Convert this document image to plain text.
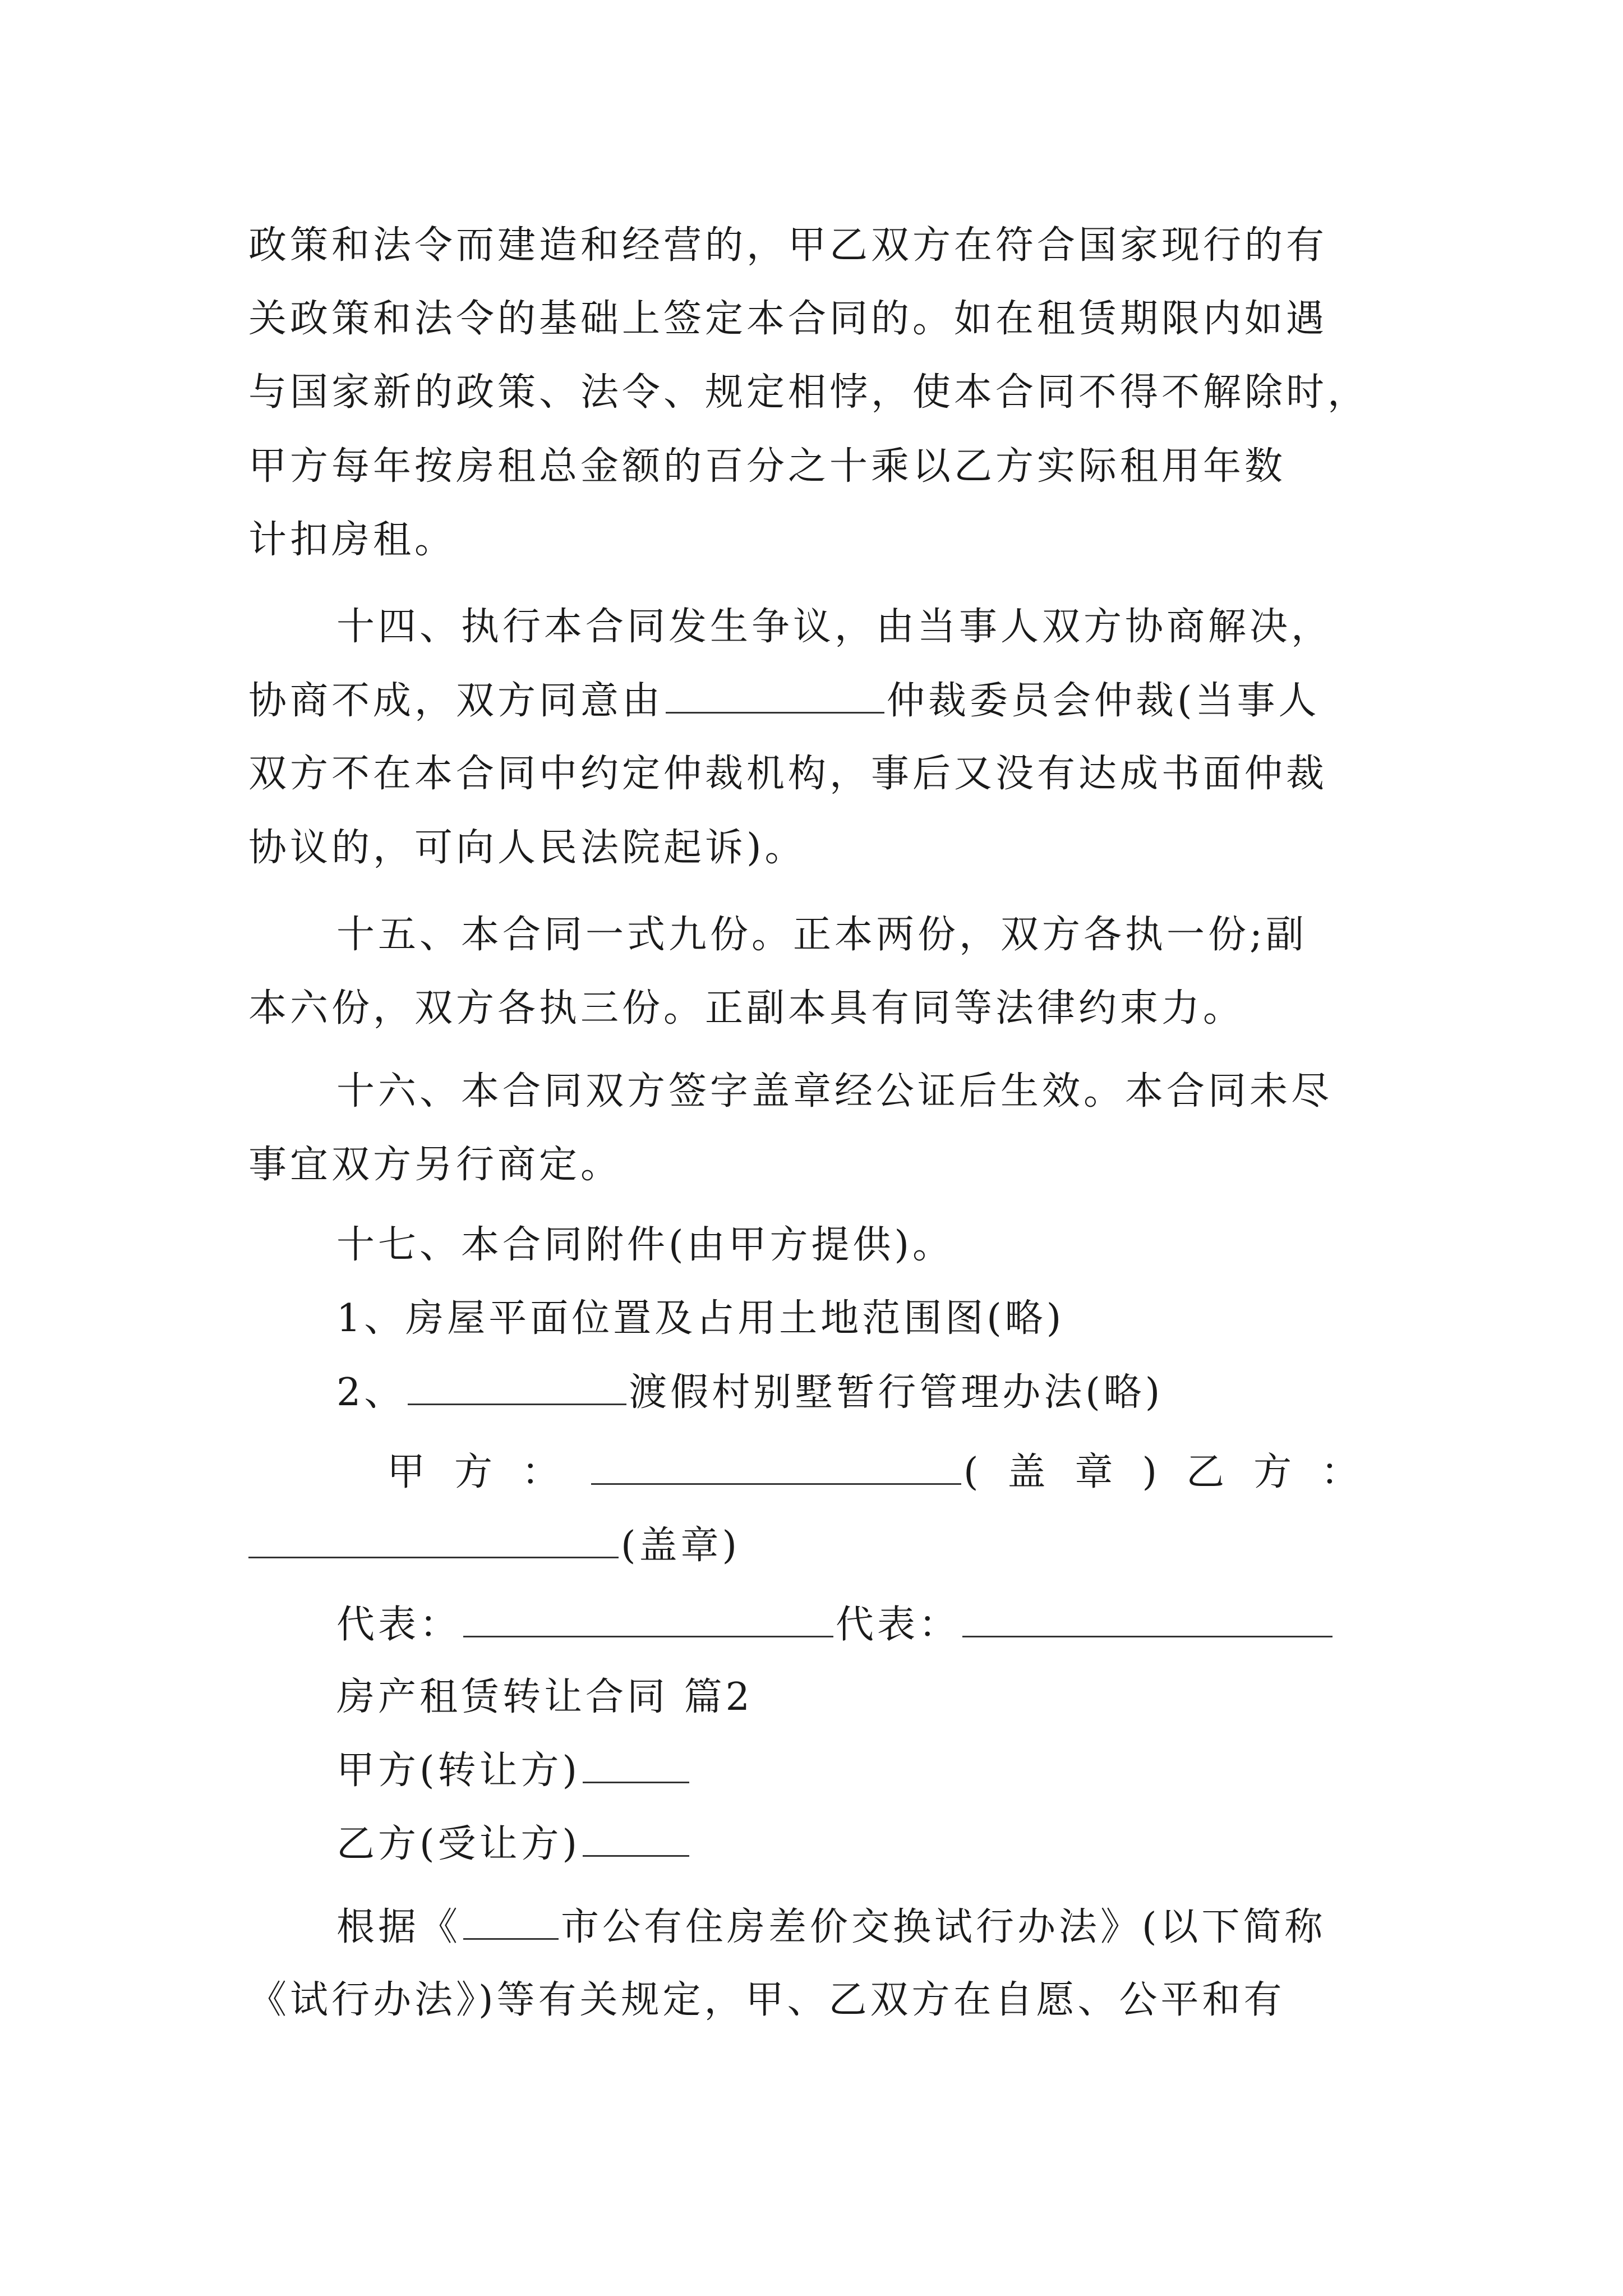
政策和法令而建造和经营的，甲乙双方在符合国家现行的有
关政策和法令的基础上签定本合同的。如在租赁期限内如遇
与国家新的政策、法令、规定相悖，使本合同不得不解除时，
甲方每年按房租总金额的百分之十乘以乙方实际租用年数
计扣房租。
十四、执行本合同发生争议，由当事人双方协商解决，
协商不成，双方同意由	仲裁委员会仲裁(当事人
双方不在本合同中约定仲裁机构，事后又没有达成书面仲裁
协议的，可向人民法院起诉)。
十五、本合同一式九份。正本两份，双方各执一份;副
本六份，双方各执三份。正副本具有同等法律约束力。
十六、本合同双方签字盖章经公证后生效。本合同未尽
事宜双方另行商定。
十七、本合同附件(由甲方提供)。
1、房屋平面位置及占用土地范围图(略)
2、	渡假村别墅暂行管理办法(略)
甲方：	(盖章)乙方：
(盖章)
代表：	代表：
房产租赁转让合同 篇2
甲方(转让方)
乙方(受让方)
根据《	市公有住房差价交换试行办法》(以下简称
《试行办法》)等有关规定，甲、乙双方在自愿、公平和有
